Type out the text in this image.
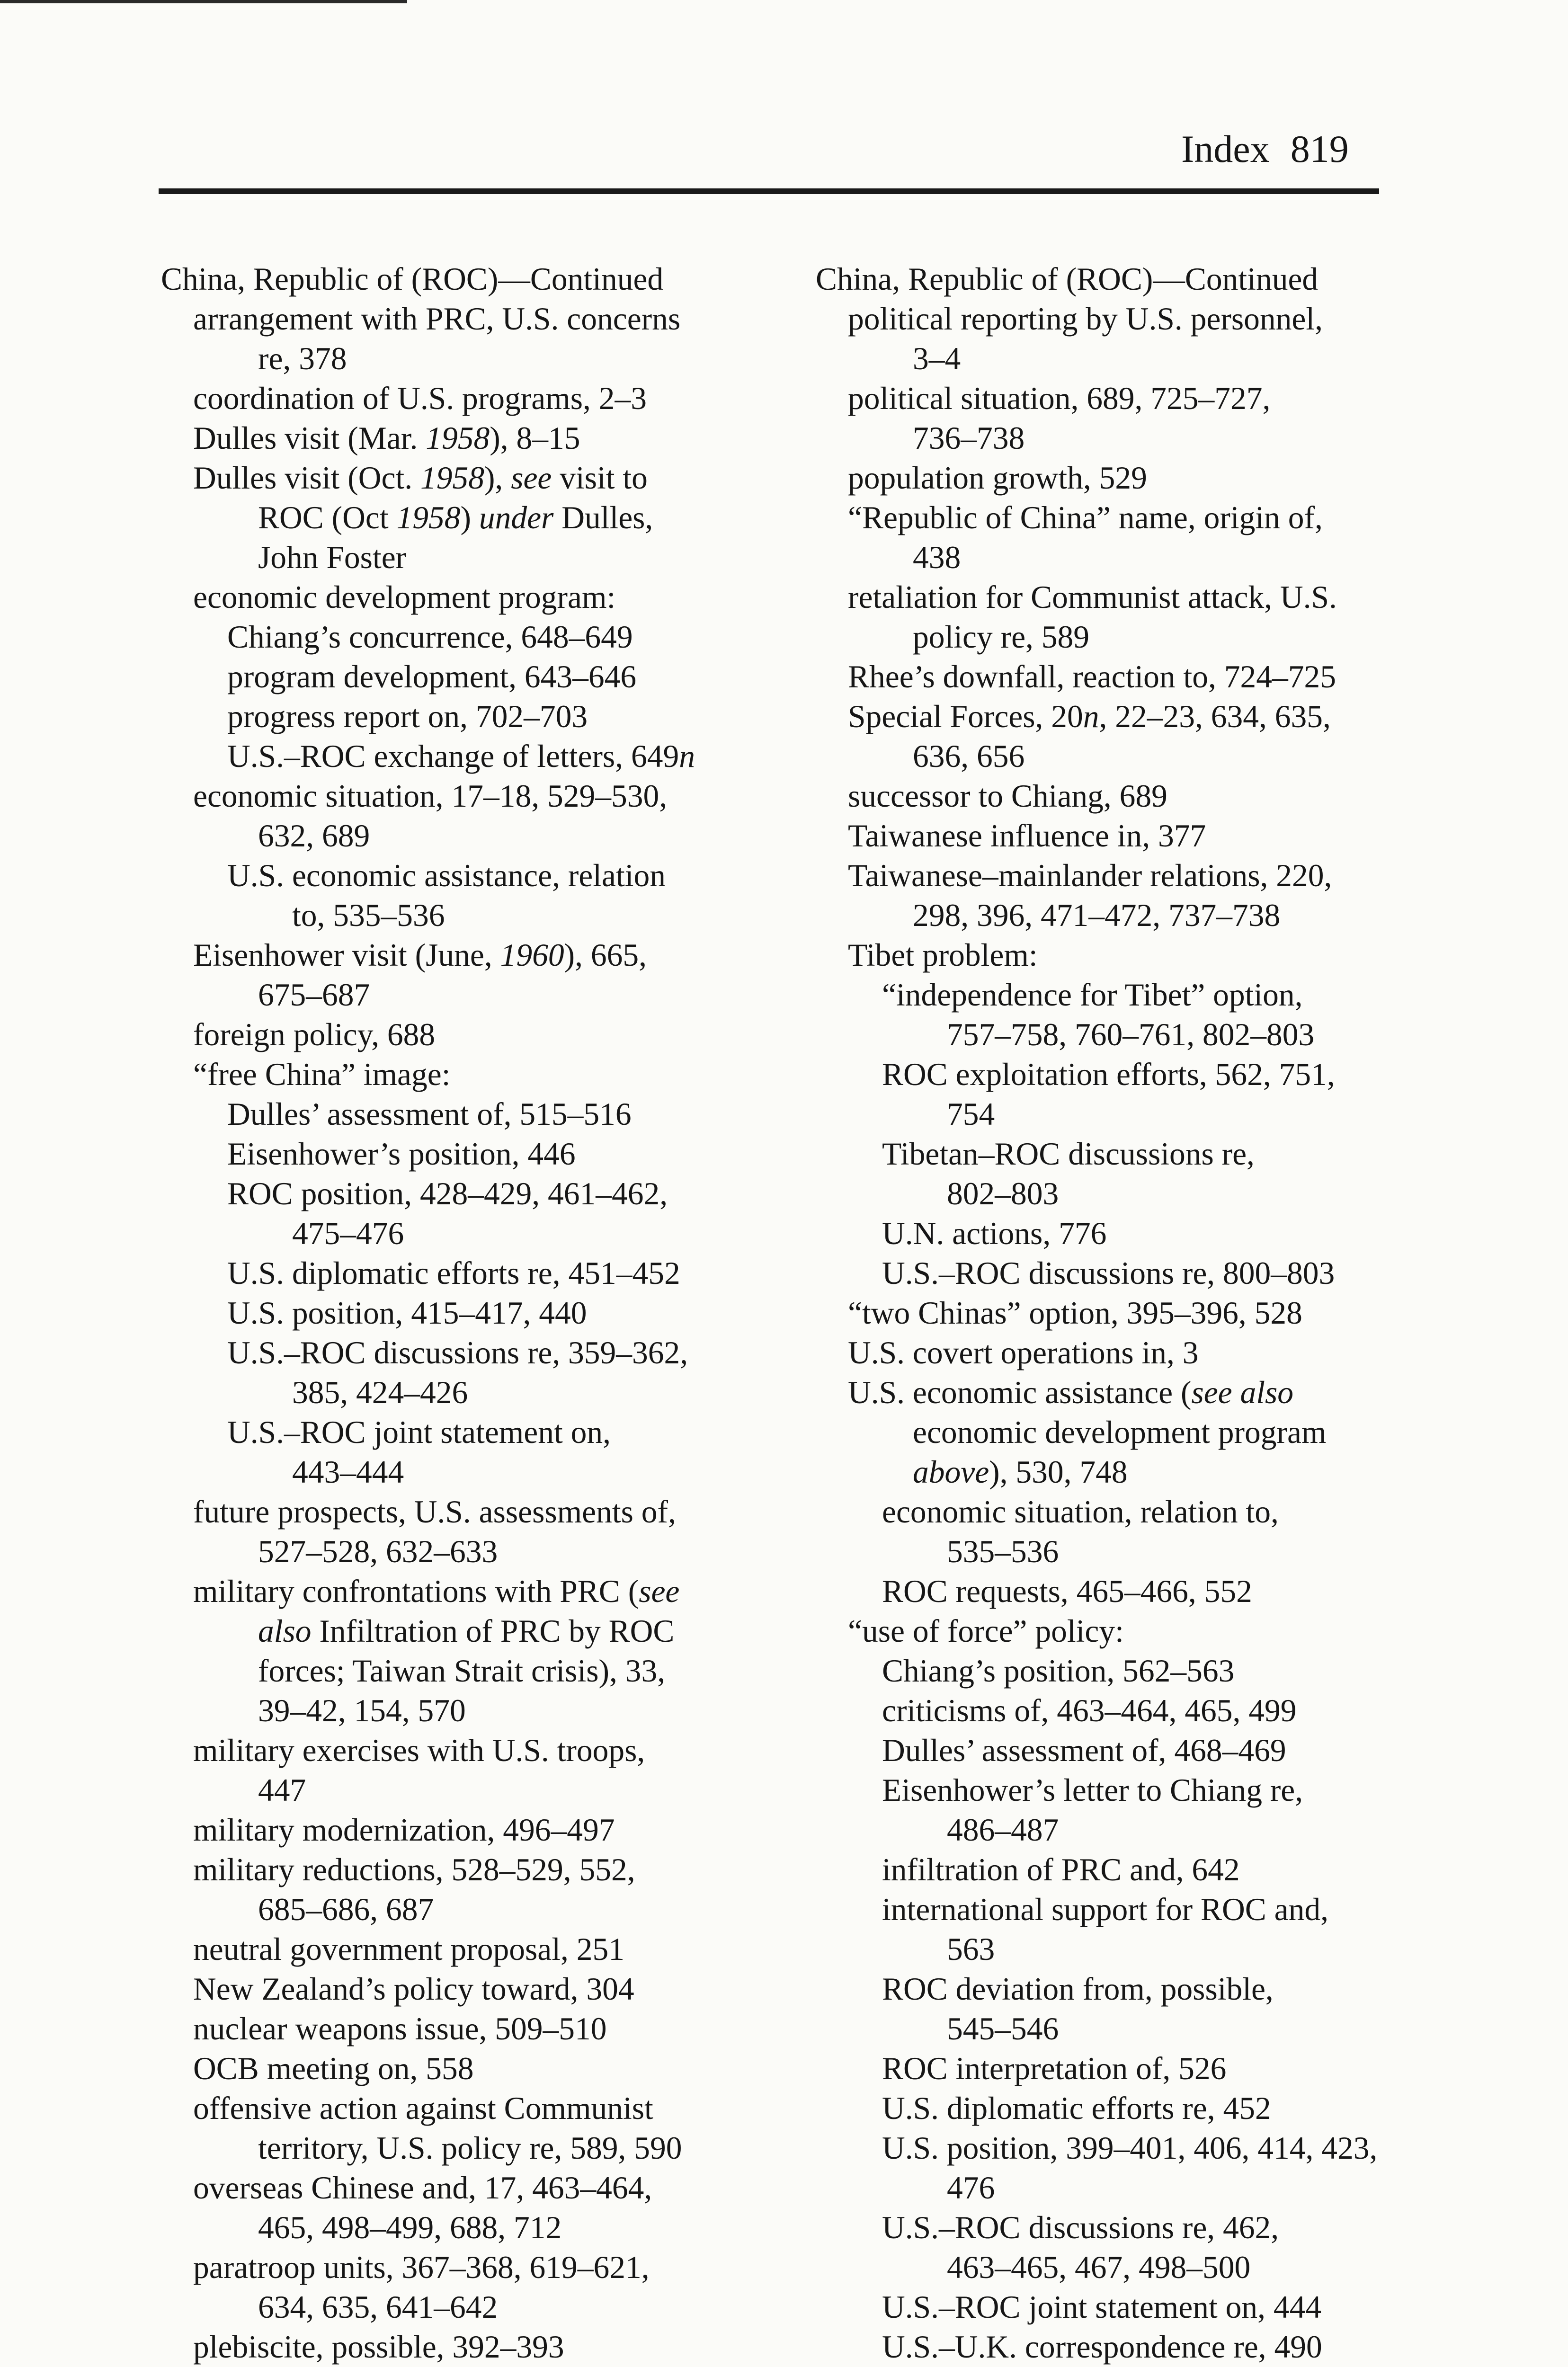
Index 819
China, Republic of (ROC)—Continued
arrangement with PRC, U.S. concerns
re, 378
coordination of U.S. programs, 2–3
Dulles visit (Mar. 1958), 8–15
Dulles visit (Oct. 1958), see visit to
ROC (Oct 1958) under Dulles,
John Foster
economic development program:
Chiang’s concurrence, 648–649
program development, 643–646
progress report on, 702–703
U.S.–ROC exchange of letters, 649n
economic situation, 17–18, 529–530,
632, 689
U.S. economic assistance, relation
to, 535–536
Eisenhower visit (June, 1960), 665,
675–687
foreign policy, 688
“free China” image:
Dulles’ assessment of, 515–516
Eisenhower’s position, 446
ROC position, 428–429, 461–462,
475–476
U.S. diplomatic efforts re, 451–452
U.S. position, 415–417, 440
U.S.–ROC discussions re, 359–362,
385, 424–426
U.S.–ROC joint statement on,
443–444
future prospects, U.S. assessments of,
527–528, 632–633
military confrontations with PRC (see
also Infiltration of PRC by ROC
forces; Taiwan Strait crisis), 33,
39–42, 154, 570
military exercises with U.S. troops,
447
military modernization, 496–497
military reductions, 528–529, 552,
685–686, 687
neutral government proposal, 251
New Zealand’s policy toward, 304
nuclear weapons issue, 509–510
OCB meeting on, 558
offensive action against Communist
territory, U.S. policy re, 589, 590
overseas Chinese and, 17, 463–464,
465, 498–499, 688, 712
paratroop units, 367–368, 619–621,
634, 635, 641–642
plebiscite, possible, 392–393
China, Republic of (ROC)—Continued
political reporting by U.S. personnel,
3–4
political situation, 689, 725–727,
736–738
population growth, 529
“Republic of China” name, origin of,
438
retaliation for Communist attack, U.S.
policy re, 589
Rhee’s downfall, reaction to, 724–725
Special Forces, 20n, 22–23, 634, 635,
636, 656
successor to Chiang, 689
Taiwanese influence in, 377
Taiwanese–mainlander relations, 220,
298, 396, 471–472, 737–738
Tibet problem:
“independence for Tibet” option,
757–758, 760–761, 802–803
ROC exploitation efforts, 562, 751,
754
Tibetan–ROC discussions re,
802–803
U.N. actions, 776
U.S.–ROC discussions re, 800–803
“two Chinas” option, 395–396, 528
U.S. covert operations in, 3
U.S. economic assistance (see also
economic development program
above), 530, 748
economic situation, relation to,
535–536
ROC requests, 465–466, 552
“use of force” policy:
Chiang’s position, 562–563
criticisms of, 463–464, 465, 499
Dulles’ assessment of, 468–469
Eisenhower’s letter to Chiang re,
486–487
infiltration of PRC and, 642
international support for ROC and,
563
ROC deviation from, possible,
545–546
ROC interpretation of, 526
U.S. diplomatic efforts re, 452
U.S. position, 399–401, 406, 414, 423,
476
U.S.–ROC discussions re, 462,
463–465, 467, 498–500
U.S.–ROC joint statement on, 444
U.S.–U.K. correspondence re, 490
